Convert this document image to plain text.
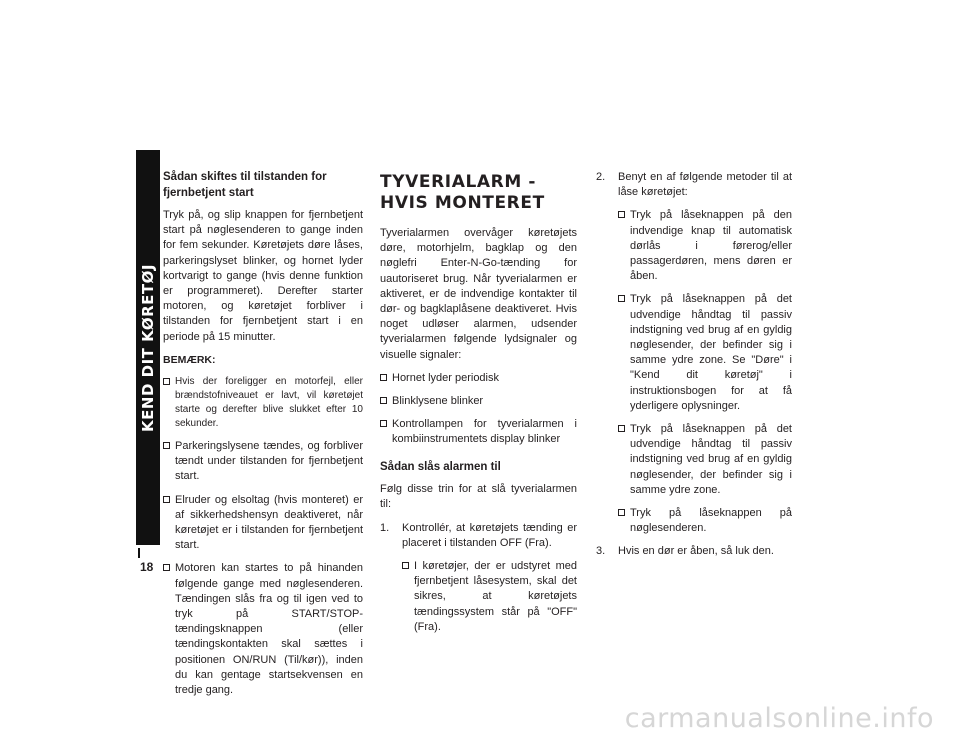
KEND DIT KØRETØJ
18
Sådan skiftes til tilstanden for fjernbetjent start

Tryk på, og slip knappen for fjernbetjent start på nøglesenderen to gange inden for fem sekunder. Køretøjets døre låses, parkeringslyset blinker, og hornet lyder kortvarigt to gange (hvis denne funktion er programmeret). Derefter starter motoren, og køretøjet forbliver i tilstanden for fjernbetjent start i en periode på 15 minutter.

BEMÆRK:
Hvis der foreligger en motorfejl, eller brændstofniveauet er lavt, vil køretøjet starte og derefter blive slukket efter 10 sekunder.
Parkeringslysene tændes, og forbliver tændt under tilstanden for fjernbetjent start.
Elruder og elsoltag (hvis monteret) er af sikkerhedshensyn deaktiveret, når køretøjet er i tilstanden for fjernbetjent start.
Motoren kan startes to på hinanden følgende gange med nøglesenderen. Tændingen slås fra og til igen ved to tryk på START/STOP-tændingsknappen (eller tændingskontakten skal sættes i positionen ON/RUN (Til/kør)), inden du kan gentage startsekvensen en tredje gang.
TYVERIALARM - HVIS MONTERET

Tyverialarmen overvåger køretøjets døre, motorhjelm, bagklap og den nøglefri Enter-N-Go-tænding for uautoriseret brug. Når tyverialarmen er aktiveret, er de indvendige kontakter til dør- og bagklaplåsene deaktiveret. Hvis noget udløser alarmen, udsender tyverialarmen følgende lydsignaler og visuelle signaler:

Hornet lyder periodisk
Blinklysene blinker
Kontrollampen for tyverialarmen i kombiinstrumentets display blinker
Sådan slås alarmen til

Følg disse trin for at slå tyverialarmen til:

1. Kontrollér, at køretøjets tænding er placeret i tilstanden OFF (Fra).
I køretøjer, der er udstyret med fjernbetjent låsesystem, skal det sikres, at køretøjets tændingssystem står på "OFF" (Fra).
2. Benyt en af følgende metoder til at låse køretøjet:
Tryk på låseknappen på den indvendige knap til automatisk dørlås i førerog/eller passagerdøren, mens døren er åben.
Tryk på låseknappen på det udvendige håndtag til passiv indstigning ved brug af en gyldig nøglesender, der befinder sig i samme ydre zone. Se "Døre" i "Kend dit køretøj" i instruktionsbogen for at få yderligere oplysninger.
Tryk på låseknappen på det udvendige håndtag til passiv indstigning ved brug af en gyldig nøglesender, der befinder sig i samme ydre zone.
Tryk på låseknappen på nøglesenderen.
3. Hvis en dør er åben, så luk den.
carmanualsonline.info
